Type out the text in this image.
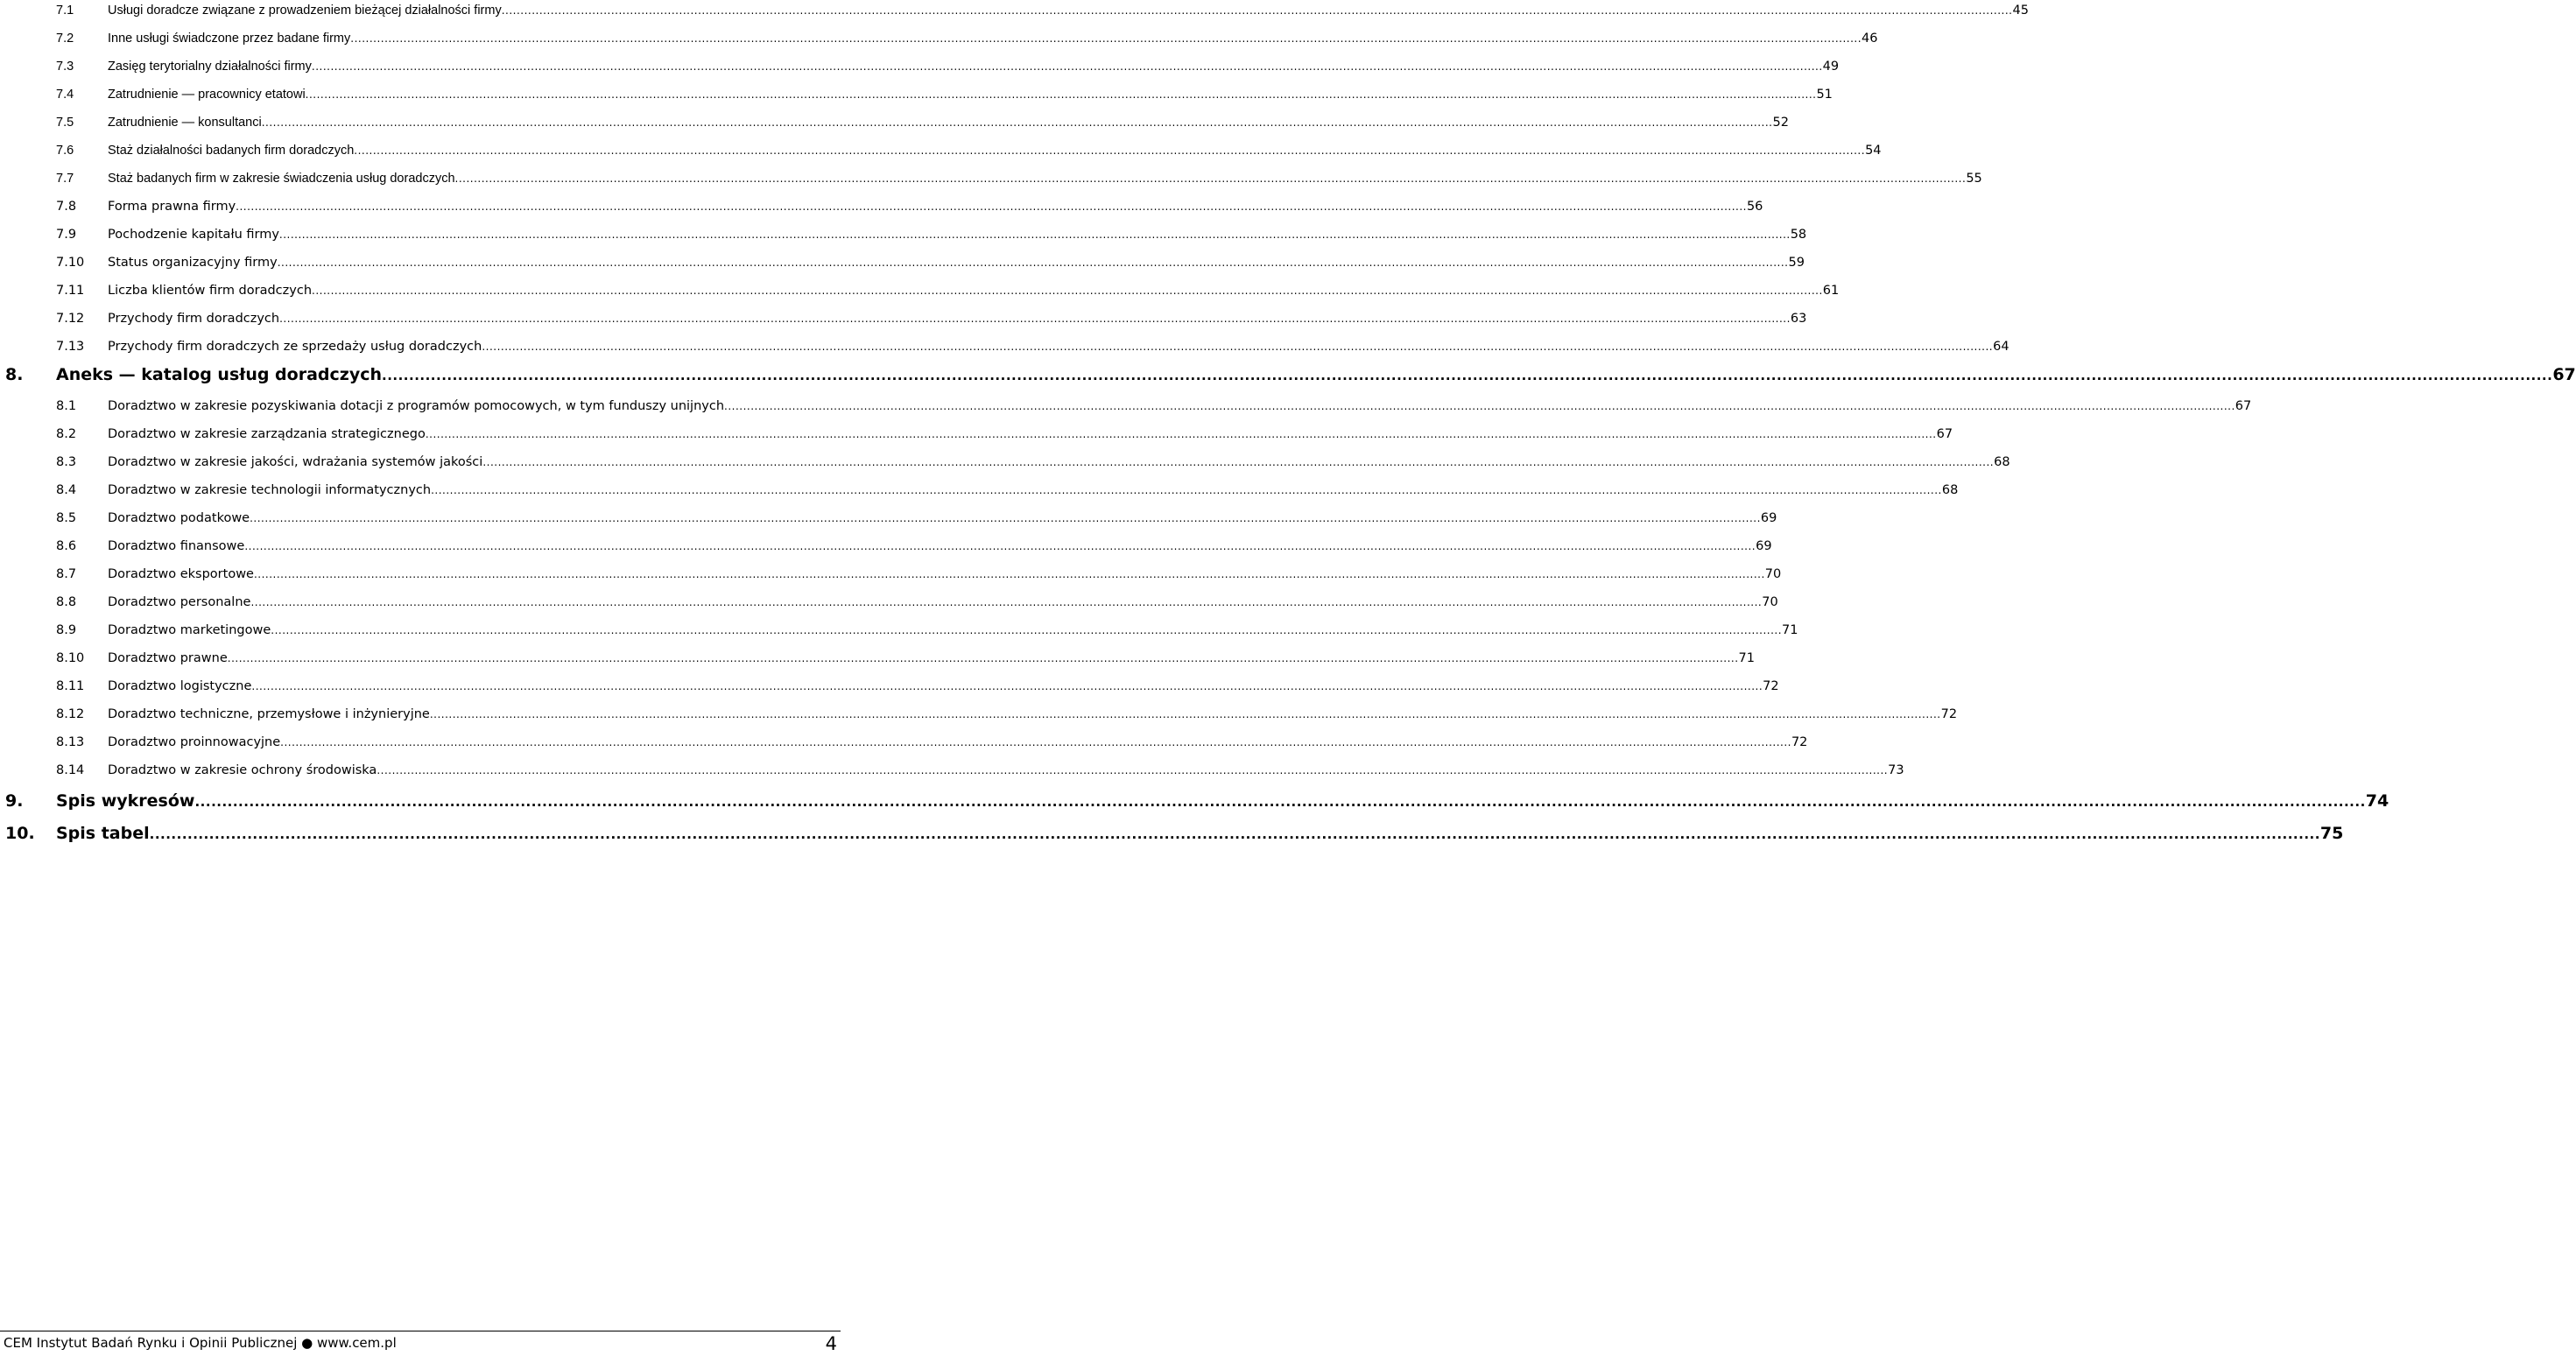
7.1	Usługi doradcze związane z prowadzeniem bieżącej działalności firmy ................................................................................................................................................................................................................................................................................................................................................................................................................ 45
7.2	Inne usługi świadczone przez badane firmy ................................................................................................................................................................................................................................................................................................................................................................................................................ 46
7.3	Zasięg terytorialny działalności firmy ................................................................................................................................................................................................................................................................................................................................................................................................................ 49
7.4	Zatrudnienie — pracownicy etatowi ................................................................................................................................................................................................................................................................................................................................................................................................................ 51
7.5	Zatrudnienie — konsultanci ................................................................................................................................................................................................................................................................................................................................................................................................................ 52
7.6	Staż działalności badanych firm doradczych ................................................................................................................................................................................................................................................................................................................................................................................................................ 54
7.7	Staż badanych firm w zakresie świadczenia usług doradczych ................................................................................................................................................................................................................................................................................................................................................................................................................ 55
7.8 Forma prawna firmy ................................................................................................................................................................................................................................................................................................................................................................................................................ 56
7.9 Pochodzenie kapitału firmy ................................................................................................................................................................................................................................................................................................................................................................................................................ 58
7.10 Status organizacyjny firmy ................................................................................................................................................................................................................................................................................................................................................................................................................ 59
7.11 Liczba klientów firm doradczych ................................................................................................................................................................................................................................................................................................................................................................................................................ 61
7.12 Przychody firm doradczych ................................................................................................................................................................................................................................................................................................................................................................................................................ 63
7.13 Przychody firm doradczych ze sprzedaży usług doradczych ................................................................................................................................................................................................................................................................................................................................................................................................................ 64
8. Aneks — katalog usług doradczych ................................................................................................................................................................................................................................................................................................................................................................................................................ 67
8.1 Doradztwo w zakresie pozyskiwania dotacji z programów pomocowych, w tym funduszy unijnych ................................................................................................................................................................................................................................................................................................................................................................................................................ 67
8.2 Doradztwo w zakresie zarządzania strategicznego ................................................................................................................................................................................................................................................................................................................................................................................................................ 67
8.3 Doradztwo w zakresie jakości, wdrażania systemów jakości ................................................................................................................................................................................................................................................................................................................................................................................................................ 68
8.4 Doradztwo w zakresie technologii informatycznych ................................................................................................................................................................................................................................................................................................................................................................................................................ 68
8.5 Doradztwo podatkowe ................................................................................................................................................................................................................................................................................................................................................................................................................ 69
8.6 Doradztwo finansowe ................................................................................................................................................................................................................................................................................................................................................................................................................ 69
8.7 Doradztwo eksportowe ................................................................................................................................................................................................................................................................................................................................................................................................................ 70
8.8 Doradztwo personalne ................................................................................................................................................................................................................................................................................................................................................................................................................ 70
8.9 Doradztwo marketingowe ................................................................................................................................................................................................................................................................................................................................................................................................................ 71
8.10 Doradztwo prawne ................................................................................................................................................................................................................................................................................................................................................................................................................ 71
8.11 Doradztwo logistyczne ................................................................................................................................................................................................................................................................................................................................................................................................................ 72
8.12 Doradztwo techniczne, przemysłowe i inżynieryjne ................................................................................................................................................................................................................................................................................................................................................................................................................ 72
8.13 Doradztwo proinnowacyjne ................................................................................................................................................................................................................................................................................................................................................................................................................ 72
8.14 Doradztwo w zakresie ochrony środowiska ................................................................................................................................................................................................................................................................................................................................................................................................................ 73
9. Spis wykresów ................................................................................................................................................................................................................................................................................................................................................................................................................ 74
10. Spis tabel ................................................................................................................................................................................................................................................................................................................................................................................................................ 75
CEM Instytut Badań Rynku i Opinii Publicznej ● www.cem.pl	4
